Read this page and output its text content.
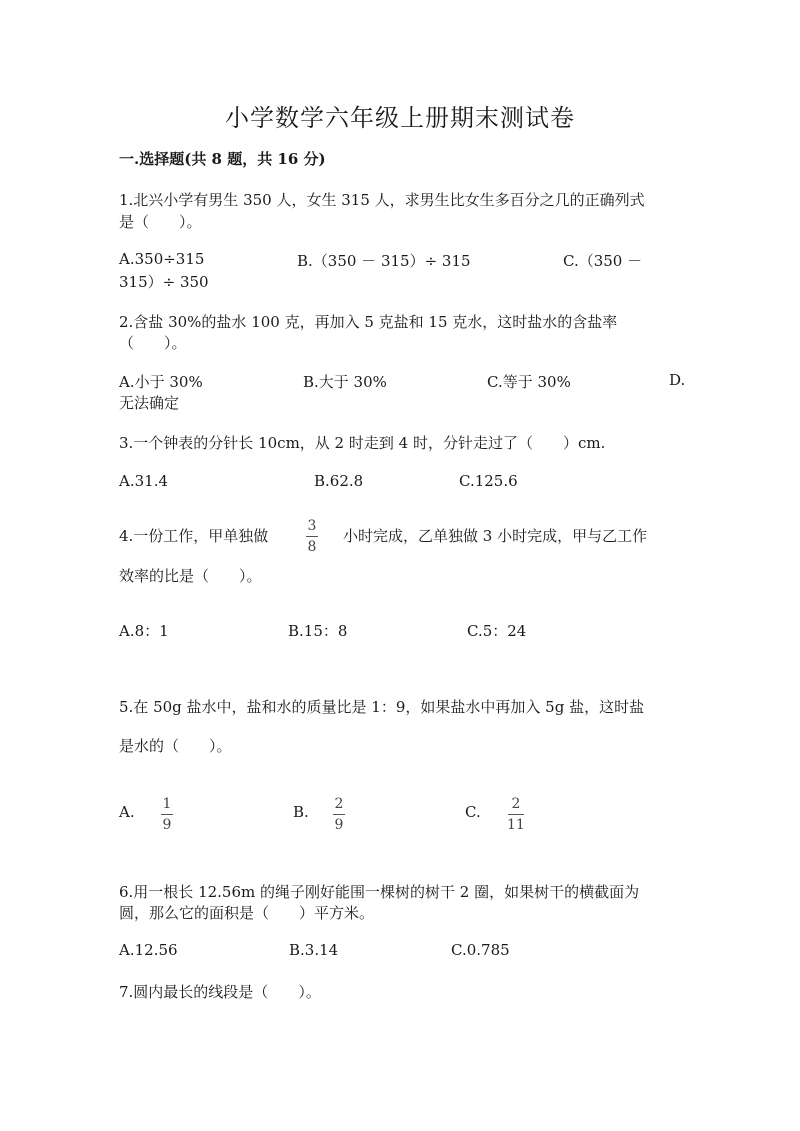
小学数学六年级上册期末测试卷
一.选择题(共 8 题，共 16 分)
1.北兴小学有男生 350 人，女生 315 人，求男生比女生多百分之几的正确列式
是（　　）。
A.350÷315	B.（350 － 315）÷ 315	C.（350 －
315）÷ 350
2.含盐 30%的盐水 100 克，再加入 5 克盐和 15 克水，这时盐水的含盐率
（　　）。
A.小于 30%	B.大于 30%	C.等于 30%	D.
无法确定
3.一个钟表的分针长 10cm，从 2 时走到 4 时，分针走过了（　　）cm.
A.31.4	B.62.8	C.125.6
4.一份工作，甲单独做
3
8
小时完成，乙单独做 3 小时完成，甲与乙工作
效率的比是（　　）。
A.8：1	B.15：8	C.5：24
5.在 50g 盐水中，盐和水的质量比是 1：9，如果盐水中再加入 5g 盐，这时盐
是水的（　　）。
A. 1
9
B. 2
9
C. 2
11
6.用一根长 12.56m 的绳子刚好能围一棵树的树干 2 圈，如果树干的横截面为
圆，那么它的面积是（　　）平方米。
A.12.56	B.3.14	C.0.785
7.圆内最长的线段是（　　）。
